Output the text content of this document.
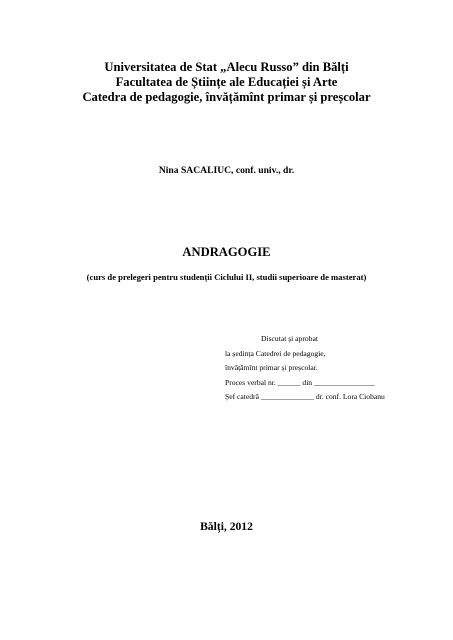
Universitatea de Stat „Alecu Russo” din Bălți
Facultatea de Științe ale Educației și Arte
Catedra de pedagogie, învățămînt primar și preșcolar
Nina SACALIUC, conf. univ., dr.
ANDRAGOGIE
(curs de prelegeri pentru studenții Ciclului II, studii superioare de masterat)
Discutat și aprobat
la ședința Catedrei de pedagogie,
învățămînt primar și preșcolar.
Proces verbal nr. ______ din ________________
Șef catedră ______________ dr. conf. Lora Ciobanu
Bălți, 2012
